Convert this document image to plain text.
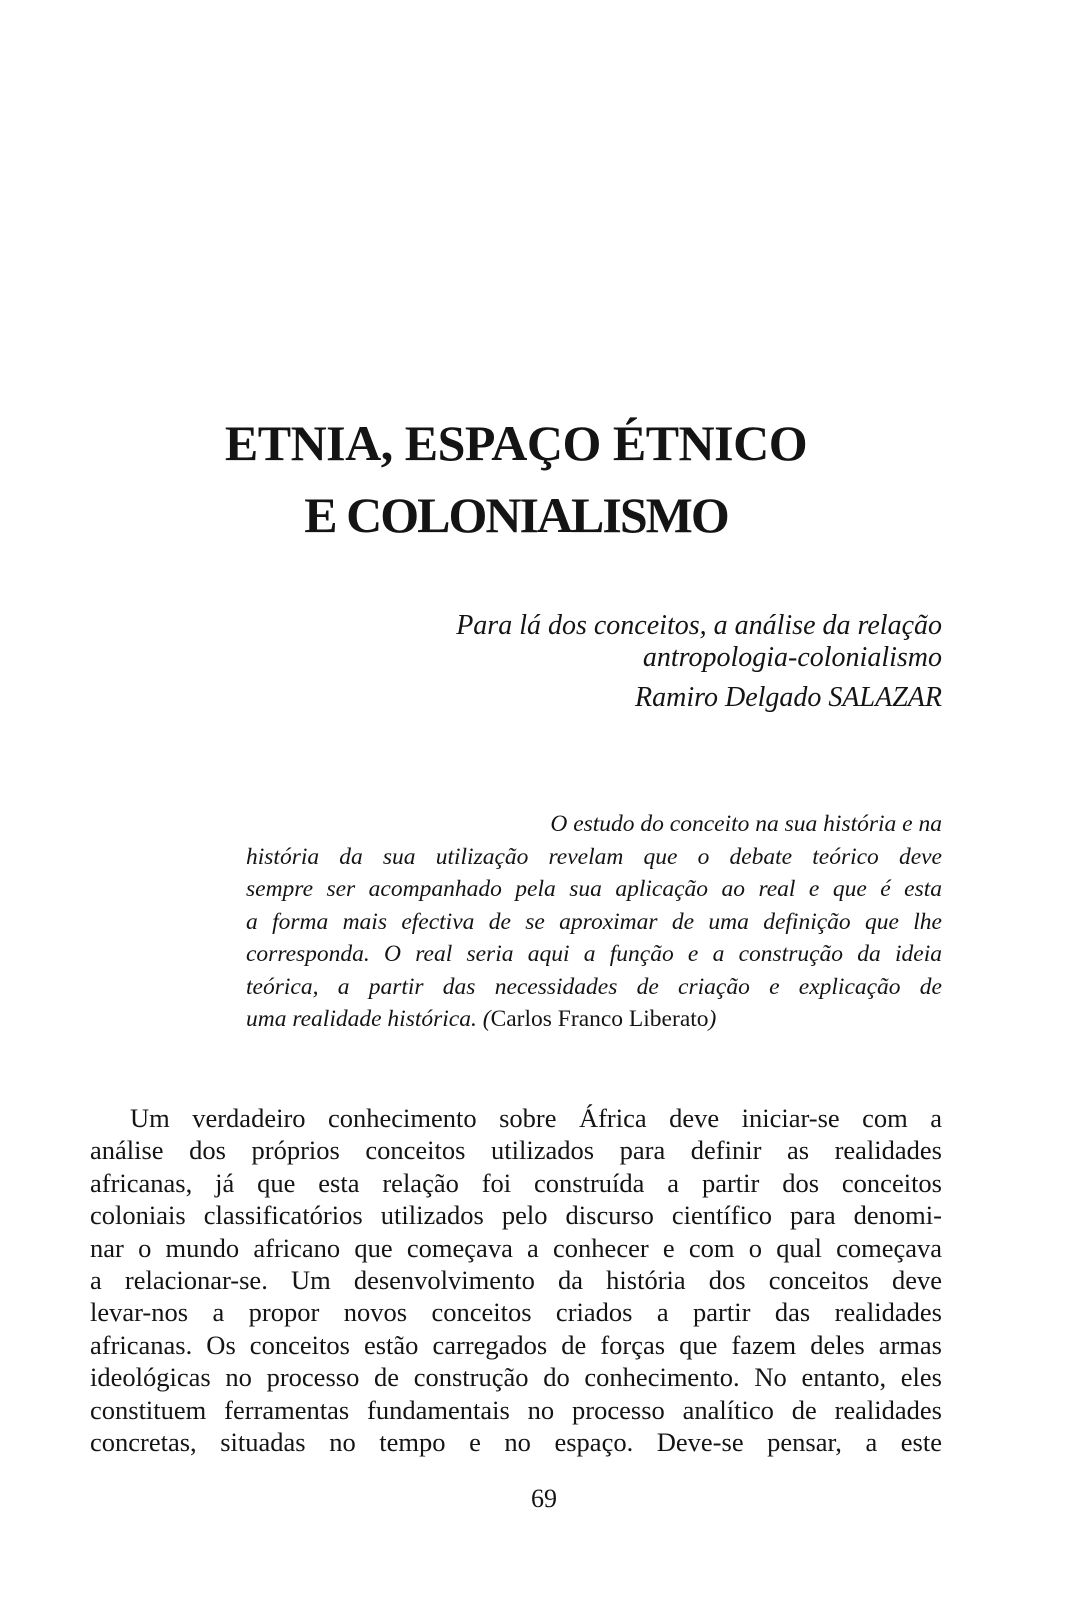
ETNIA, ESPAÇO ÉTNICO
E COLONIALISMO
Para lá dos conceitos, a análise da relação
antropologia-colonialismo
Ramiro Delgado SALAZAR
O estudo do conceito na sua história e na
história da sua utilização revelam que o debate teórico deve
sempre ser acompanhado pela sua aplicação ao real e que é esta
a forma mais efectiva de se aproximar de uma definição que lhe
corresponda. O real seria aqui a função e a construção da ideia
teórica, a partir das necessidades de criação e explicação de
uma realidade histórica. (Carlos Franco Liberato)
Um verdadeiro conhecimento sobre África deve iniciar-se com a
análise dos próprios conceitos utilizados para definir as realidades
africanas, já que esta relação foi construída a partir dos conceitos
coloniais classificatórios utilizados pelo discurso científico para denomi-
nar o mundo africano que começava a conhecer e com o qual começava
a relacionar-se. Um desenvolvimento da história dos conceitos deve
levar-nos a propor novos conceitos criados a partir das realidades
africanas. Os conceitos estão carregados de forças que fazem deles armas
ideológicas no processo de construção do conhecimento. No entanto, eles
constituem ferramentas fundamentais no processo analítico de realidades
concretas, situadas no tempo e no espaço. Deve-se pensar, a este
69
